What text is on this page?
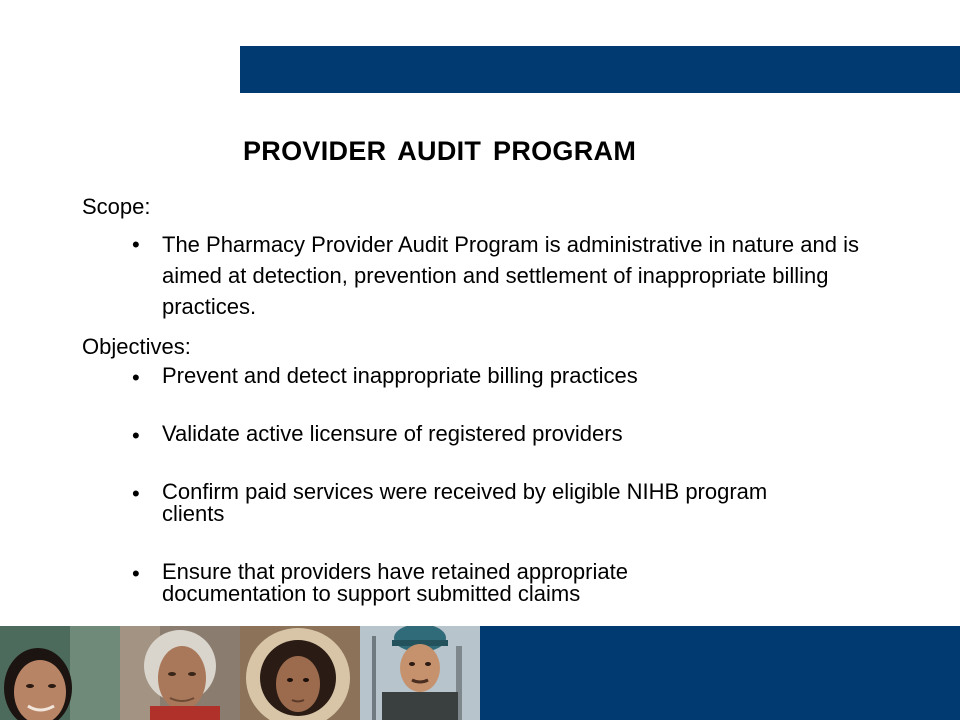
PROVIDER AUDIT PROGRAM
Scope:
• The Pharmacy Provider Audit Program is administrative in nature and is aimed at detection, prevention and settlement of inappropriate billing practices.
Objectives:
• Prevent and detect inappropriate billing practices
• Validate active licensure of registered providers
• Confirm paid services were received by eligible NIHB program clients
• Ensure that providers have retained appropriate documentation to support submitted claims
